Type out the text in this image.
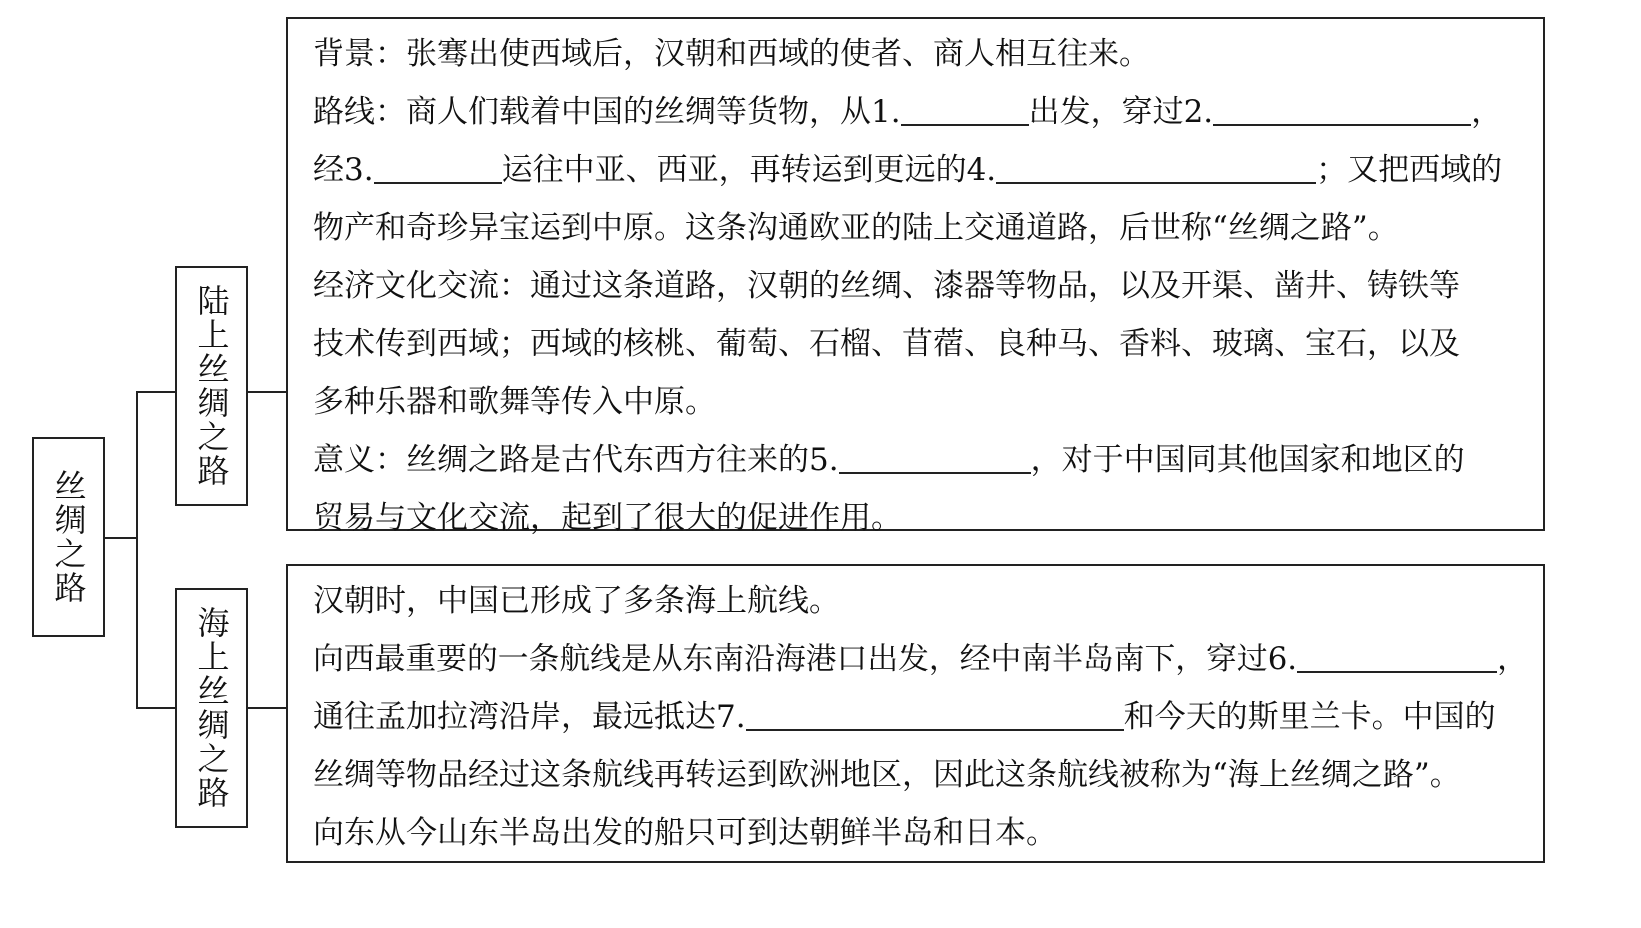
丝绸之路
陆上丝绸之路
海上丝绸之路
背景：张骞出使西域后，汉朝和西域的使者、商人相互往来。
路线：商人们载着中国的丝绸等货物，从1.	出发，穿过2.	，
经3.	运往中亚、西亚，再转运到更远的4.	；又把西域的
物产和奇珍异宝运到中原。这条沟通欧亚的陆上交通道路，后世称“丝绸之路”。
经济文化交流：通过这条道路，汉朝的丝绸、漆器等物品，以及开渠、凿井、铸铁等
技术传到西域；西域的核桃、葡萄、石榴、苜蓿、良种马、香料、玻璃、宝石，以及
多种乐器和歌舞等传入中原。
意义：丝绸之路是古代东西方往来的5.	，对于中国同其他国家和地区的
贸易与文化交流，起到了很大的促进作用。
汉朝时，中国已形成了多条海上航线。
向西最重要的一条航线是从东南沿海港口出发，经中南半岛南下，穿过6.	，
通往孟加拉湾沿岸，最远抵达7.	和今天的斯里兰卡。中国的
丝绸等物品经过这条航线再转运到欧洲地区，因此这条航线被称为“海上丝绸之路”。
向东从今山东半岛出发的船只可到达朝鲜半岛和日本。
